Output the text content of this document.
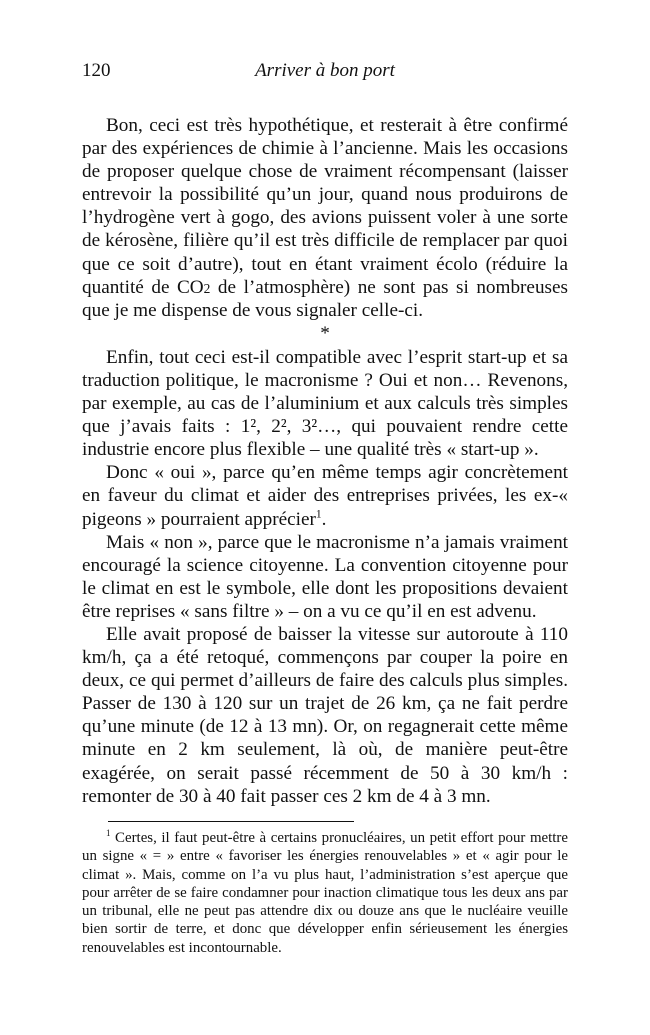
120	Arriver à bon port

Bon, ceci est très hypothétique, et resterait à être confirmé par des expériences de chimie à l’ancienne. Mais les occasions de proposer quelque chose de vraiment récompensant (laisser entrevoir la possibilité qu’un jour, quand nous produirons de l’hydrogène vert à gogo, des avions puissent voler à une sorte de kérosène, filière qu’il est très difficile de remplacer par quoi que ce soit d’autre), tout en étant vraiment écolo (réduire la quantité de CO2 de l’atmosphère) ne sont pas si nombreuses que je me dispense de vous signaler celle-ci.

*

Enfin, tout ceci est-il compatible avec l’esprit start-up et sa traduction politique, le macronisme ? Oui et non… Revenons, par exemple, au cas de l’aluminium et aux calculs très simples que j’avais faits : 1², 2², 3²…, qui pouvaient rendre cette industrie encore plus flexible – une qualité très « start-up ».

Donc « oui », parce qu’en même temps agir concrètement en faveur du climat et aider des entreprises privées, les ex-« pigeons » pourraient apprécier$^1$.

Mais « non », parce que le macronisme n’a jamais vraiment encouragé la science citoyenne. La convention citoyenne pour le climat en est le symbole, elle dont les propositions devaient être reprises « sans filtre » – on a vu ce qu’il en est advenu.

Elle avait proposé de baisser la vitesse sur autoroute à 110 km/h, ça a été retoqué, commençons par couper la poire en deux, ce qui permet d’ailleurs de faire des calculs plus simples. Passer de 130 à 120 sur un trajet de 26 km, ça ne fait perdre qu’une minute (de 12 à 13 mn). Or, on regagnerait cette même minute en 2 km seulement, là où, de manière peut-être exagérée, on serait passé récemment de 50 à 30 km/h : remonter de 30 à 40 fait passer ces 2 km de 4 à 3 mn.

$^1$ Certes, il faut peut-être à certains pronucléaires, un petit effort pour mettre un signe « = » entre « favoriser les énergies renouvelables » et « agir pour le climat ». Mais, comme on l’a vu plus haut, l’administration s’est aperçue que pour arrêter de se faire condamner pour inaction climatique tous les deux ans par un tribunal, elle ne peut pas attendre dix ou douze ans que le nucléaire veuille bien sortir de terre, et donc que développer enfin sérieusement les énergies renouvelables est incontournable.
